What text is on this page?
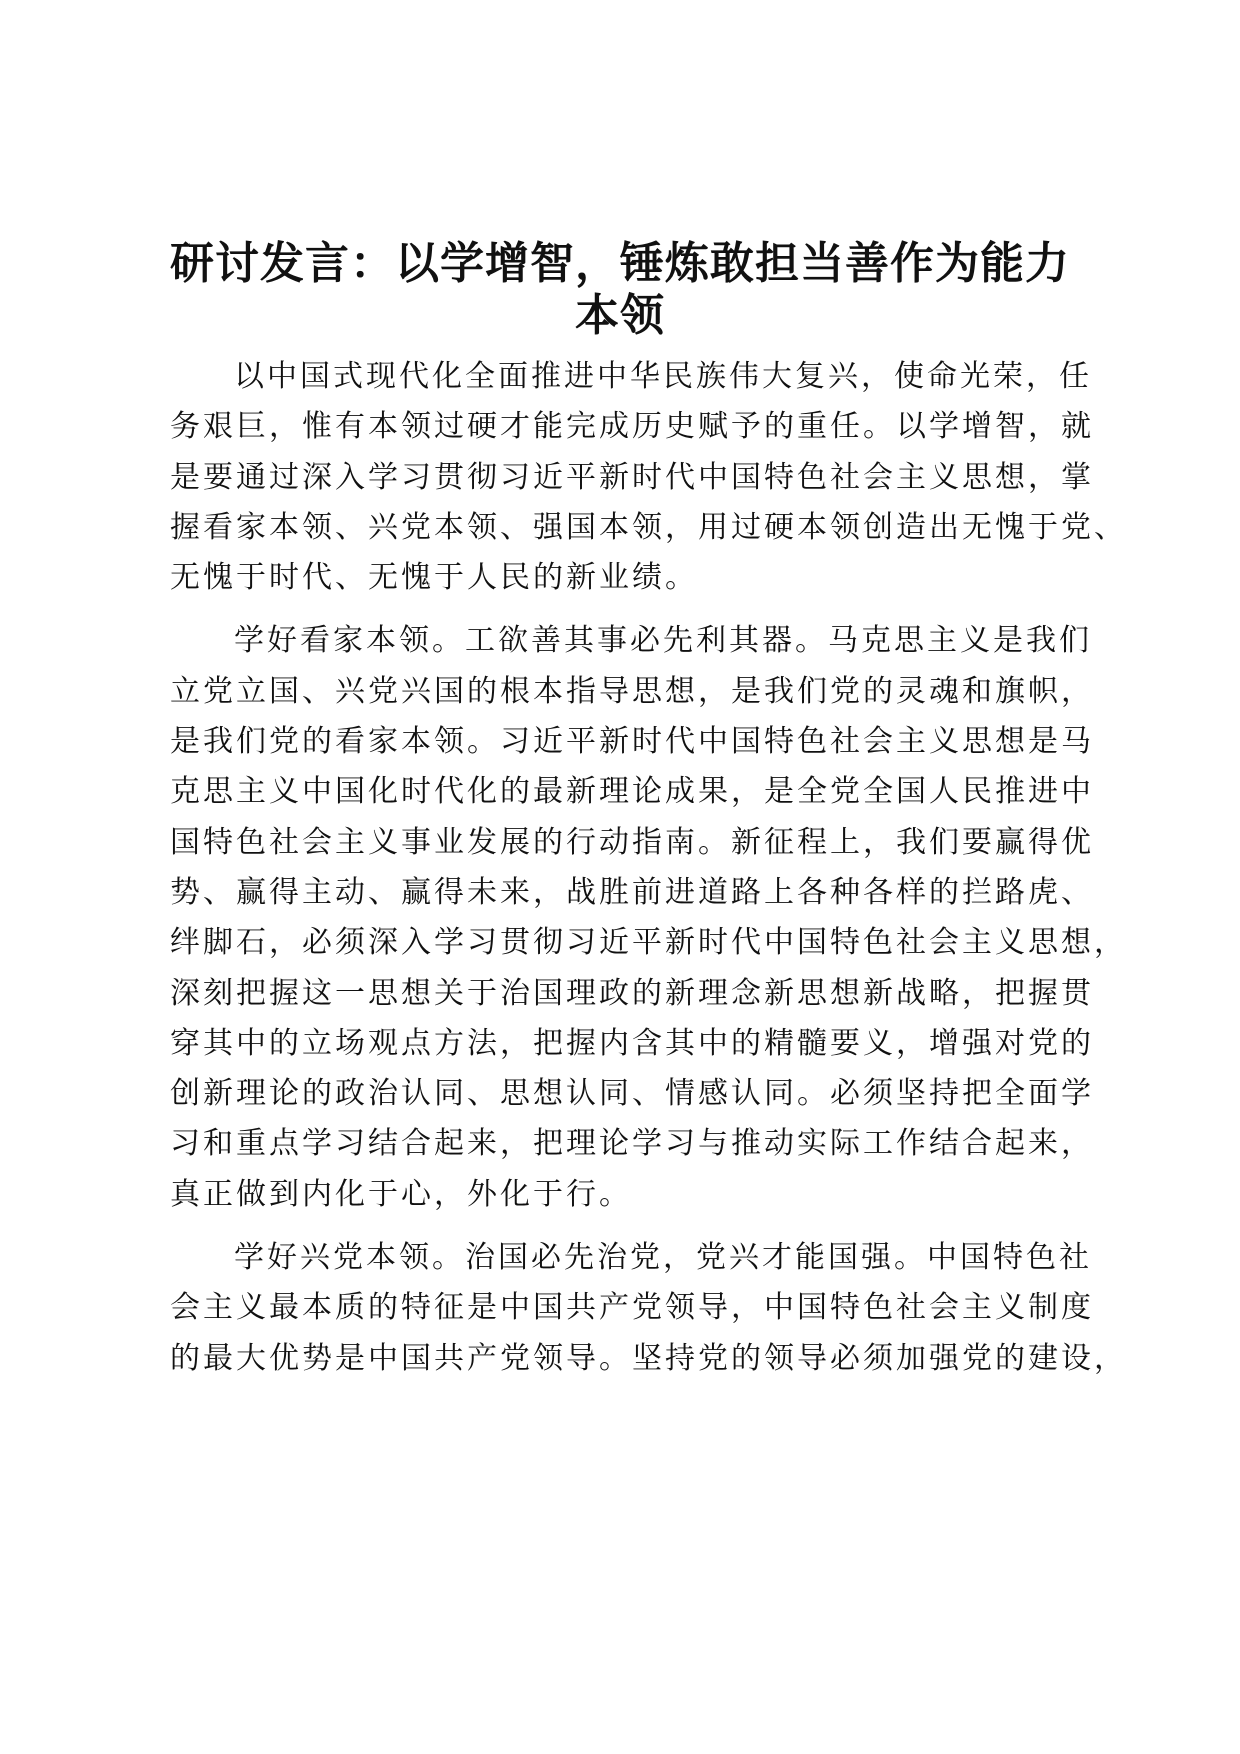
研讨发言：以学增智，锤炼敢担当善作为能力
本领

以中国式现代化全面推进中华民族伟大复兴，使命光荣，任
务艰巨，惟有本领过硬才能完成历史赋予的重任。以学增智，就
是要通过深入学习贯彻习近平新时代中国特色社会主义思想，掌
握看家本领、兴党本领、强国本领，用过硬本领创造出无愧于党、
无愧于时代、无愧于人民的新业绩。

学好看家本领。工欲善其事必先利其器。马克思主义是我们
立党立国、兴党兴国的根本指导思想，是我们党的灵魂和旗帜，
是我们党的看家本领。习近平新时代中国特色社会主义思想是马
克思主义中国化时代化的最新理论成果，是全党全国人民推进中
国特色社会主义事业发展的行动指南。新征程上，我们要赢得优
势、赢得主动、赢得未来，战胜前进道路上各种各样的拦路虎、
绊脚石，必须深入学习贯彻习近平新时代中国特色社会主义思想，
深刻把握这一思想关于治国理政的新理念新思想新战略，把握贯
穿其中的立场观点方法，把握内含其中的精髓要义，增强对党的
创新理论的政治认同、思想认同、情感认同。必须坚持把全面学
习和重点学习结合起来，把理论学习与推动实际工作结合起来，
真正做到内化于心，外化于行。

学好兴党本领。治国必先治党，党兴才能国强。中国特色社
会主义最本质的特征是中国共产党领导，中国特色社会主义制度
的最大优势是中国共产党领导。坚持党的领导必须加强党的建设，
